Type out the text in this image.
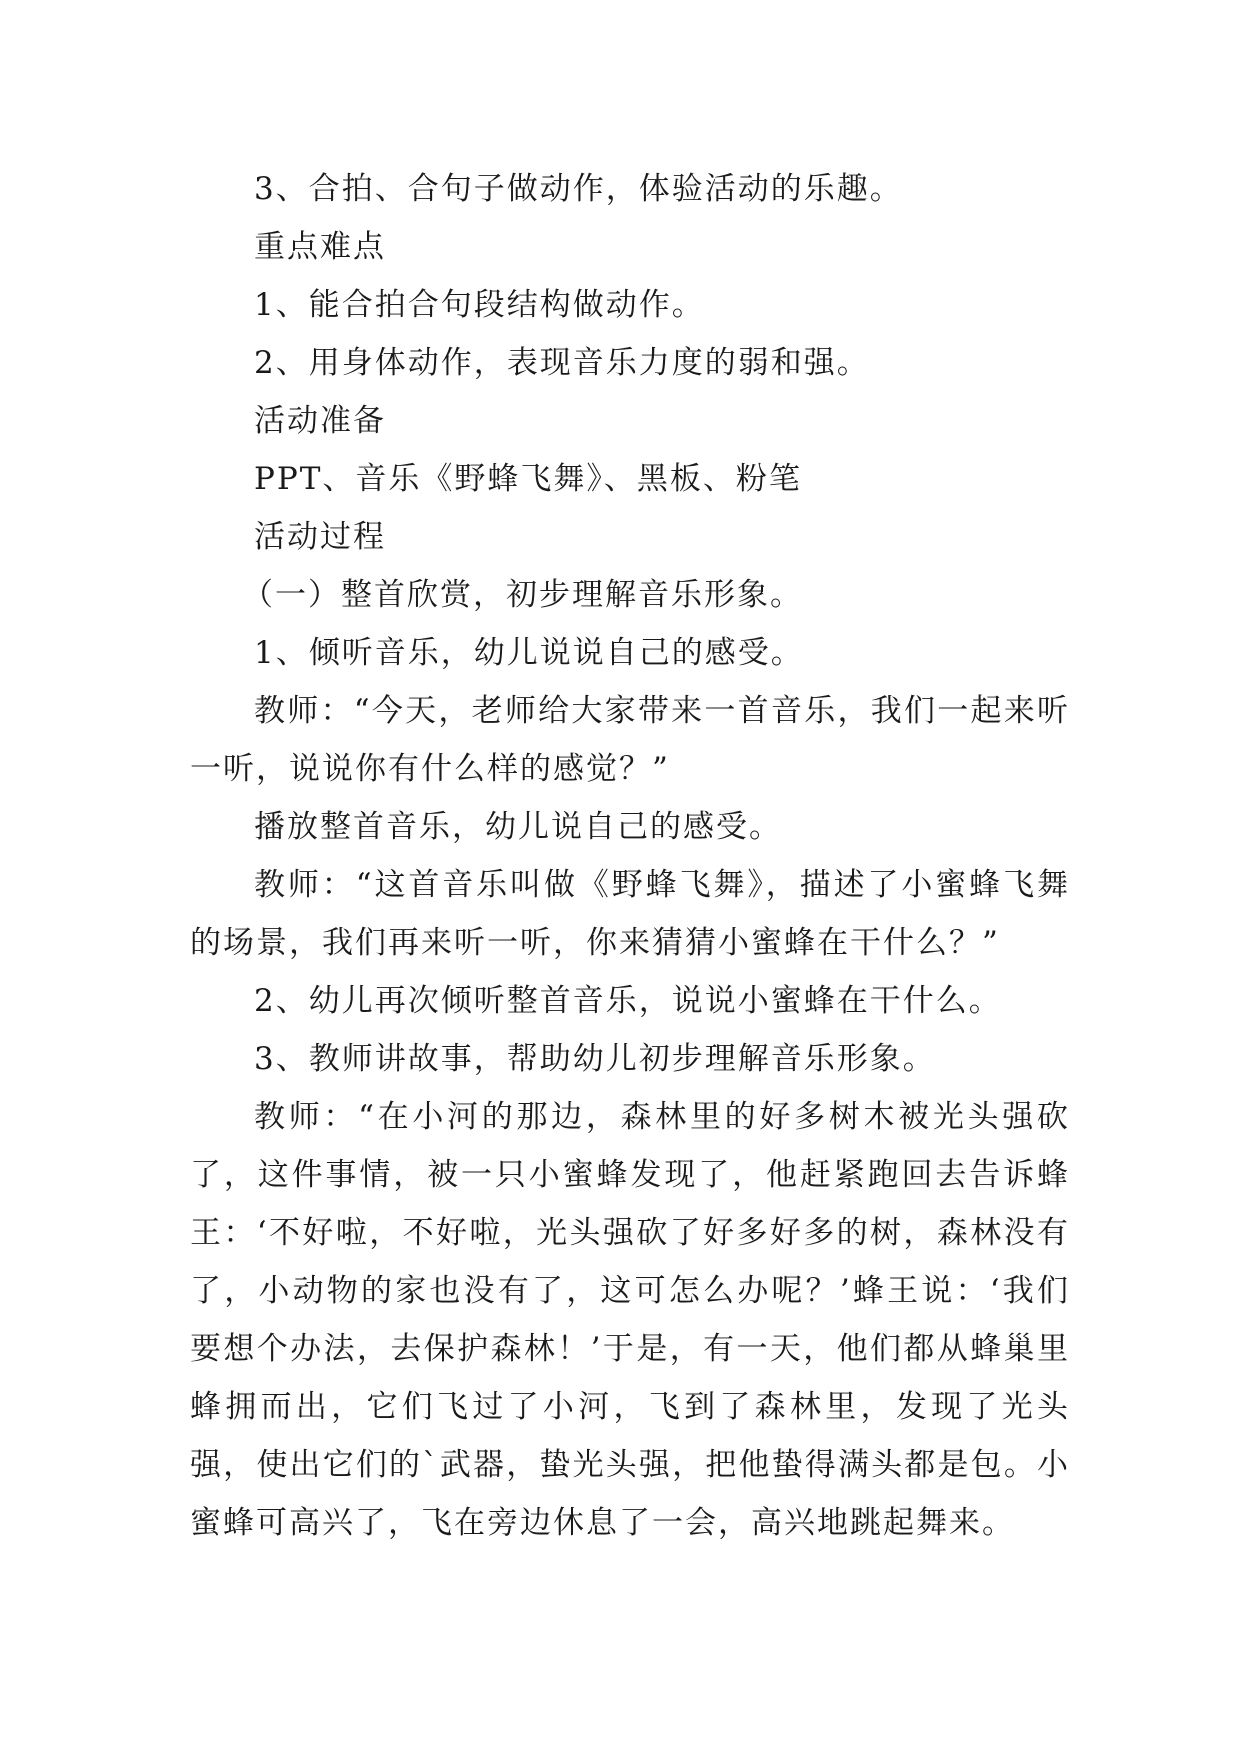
3、合拍、合句子做动作，体验活动的乐趣。

重点难点

1、能合拍合句段结构做动作。

2、用身体动作，表现音乐力度的弱和强。

活动准备

PPT、音乐《野蜂飞舞》、黑板、粉笔

活动过程

（一）整首欣赏，初步理解音乐形象。

1、倾听音乐，幼儿说说自己的感受。

教师：“今天，老师给大家带来一首音乐，我们一起来听一听，说说你有什么样的感觉？”

播放整首音乐，幼儿说自己的感受。

教师：“这首音乐叫做《野蜂飞舞》，描述了小蜜蜂飞舞的场景，我们再来听一听，你来猜猜小蜜蜂在干什么？”

2、幼儿再次倾听整首音乐，说说小蜜蜂在干什么。

3、教师讲故事，帮助幼儿初步理解音乐形象。

教师：“在小河的那边，森林里的好多树木被光头强砍了，这件事情，被一只小蜜蜂发现了，他赶紧跑回去告诉蜂王：‘不好啦，不好啦，光头强砍了好多好多的树，森林没有了，小动物的家也没有了，这可怎么办呢？’蜂王说：‘我们要想个办法，去保护森林！’于是，有一天，他们都从蜂巢里蜂拥而出，它们飞过了小河，飞到了森林里，发现了光头强，使出它们的`武器，蛰光头强，把他蛰得满头都是包。小蜜蜂可高兴了，飞在旁边休息了一会，高兴地跳起舞来。
